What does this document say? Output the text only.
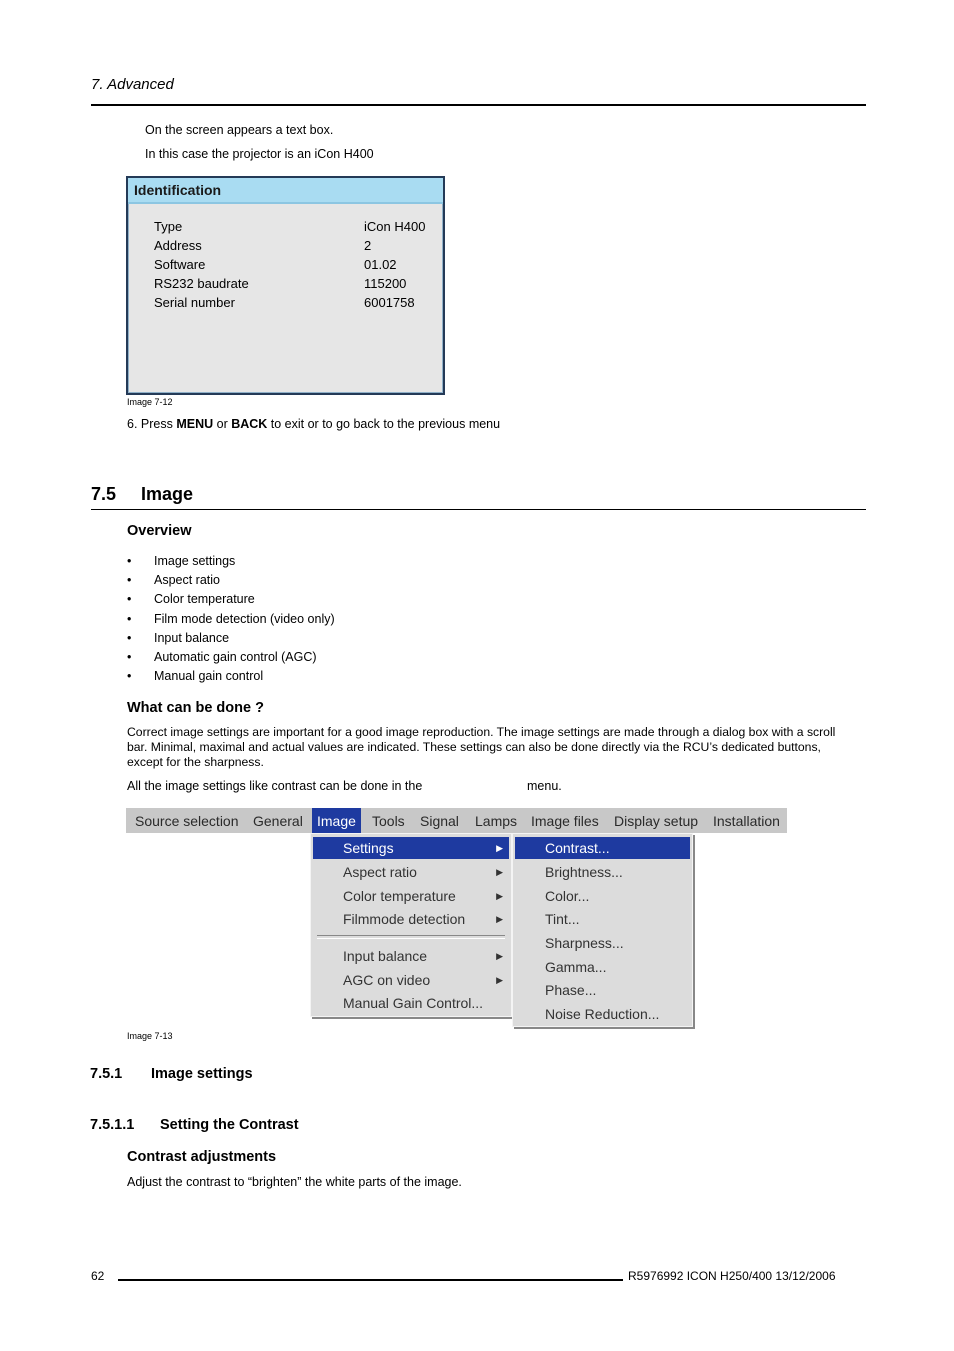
7. Advanced
On the screen appears a text box.
In this case the projector is an iCon H400
Identification
Type	iCon H400
Address	2
Software	01.02
RS232 baudrate	115200
Serial number	6001758
Image 7-12
6. Press MENU or BACK to exit or to go back to the previous menu
7.5 Image
Overview
• Image settings
• Aspect ratio
• Color temperature
• Film mode detection (video only)
• Input balance
• Automatic gain control (AGC)
• Manual gain control
What can be done ?
Correct image settings are important for a good image reproduction. The image settings are made through a dialog box with a scroll
bar. Minimal, maximal and actual values are indicated. These settings can also be done directly via the RCU’s dedicated buttons,
except for the sharpness.
All the image settings like contrast can be done in the	menu.
Source selection General	Image	Tools Signal Lamps Image files Display setup Installation
Settings	▶
Aspect ratio	▶
Color temperature	▶
Filmmode detection	▶
Input balance	▶
AGC on video	▶
Manual Gain Control...
Contrast...
Brightness...
Color...
Tint...
Sharpness...
Gamma...
Phase...
Noise Reduction...
Image 7-13
7.5.1 Image settings
7.5.1.1 Setting the Contrast
Contrast adjustments
Adjust the contrast to “brighten” the white parts of the image.
62	R5976992 ICON H250/400 13/12/2006
